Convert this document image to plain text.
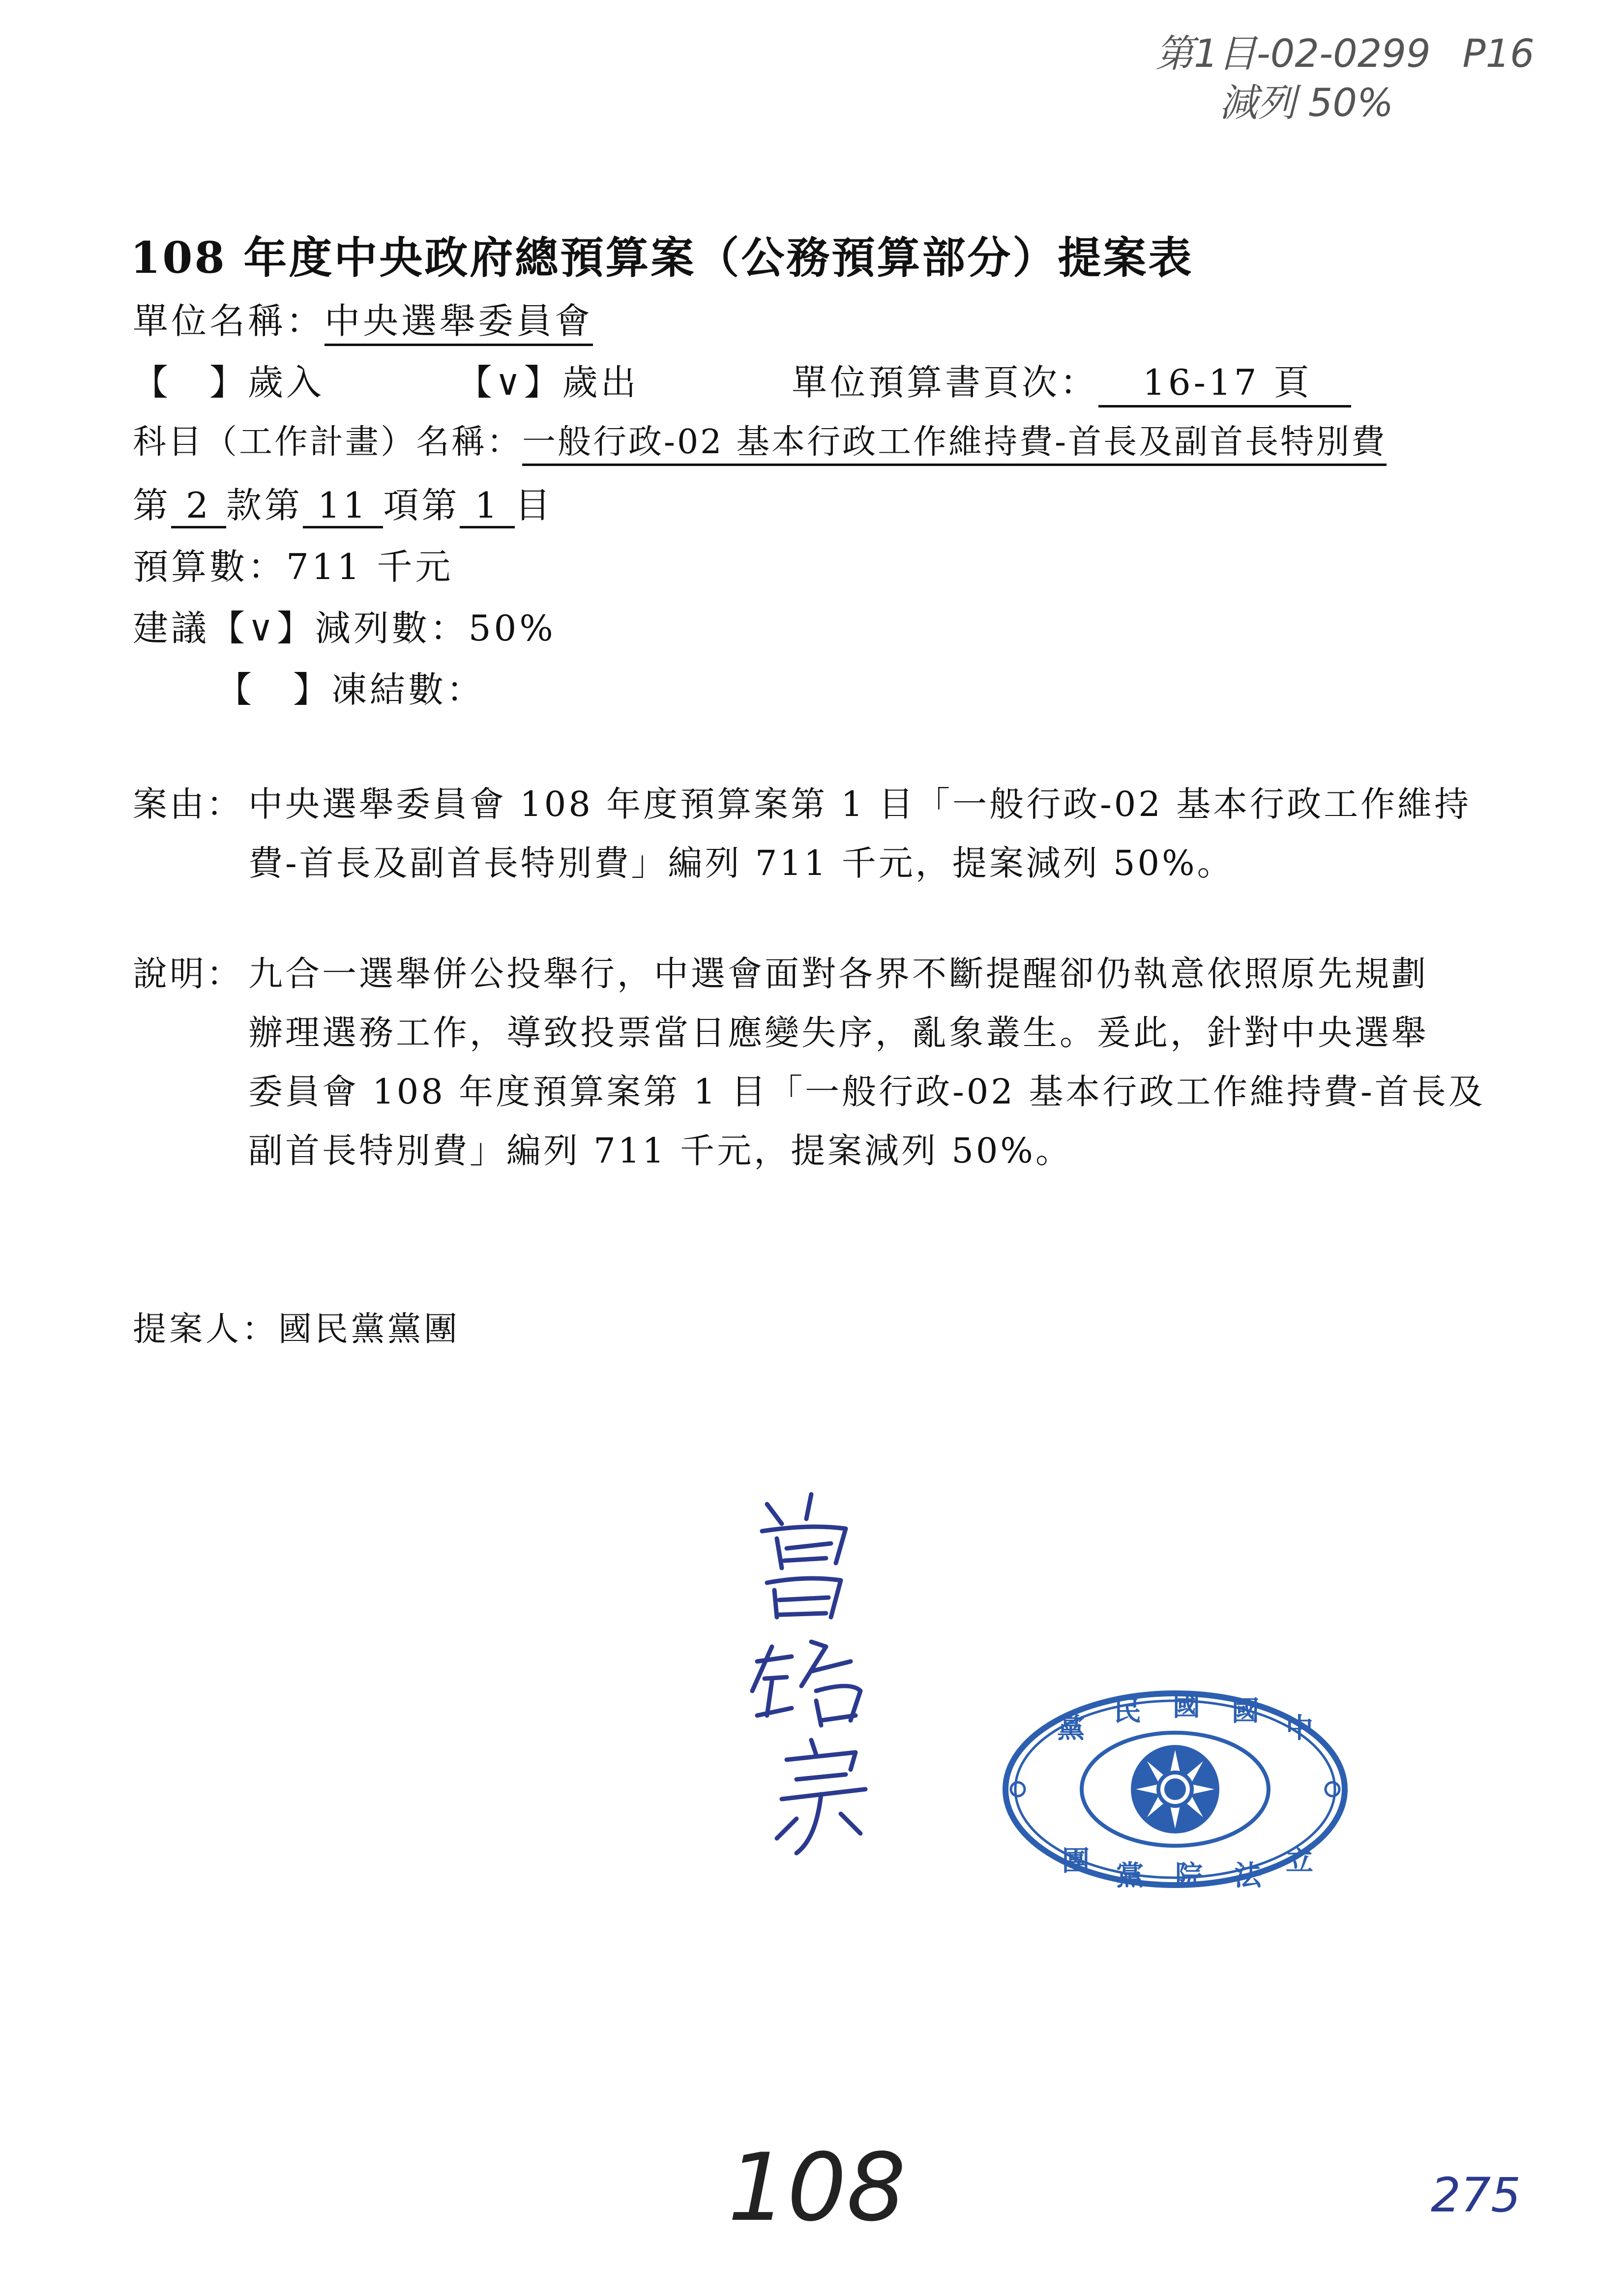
第1目-02-0299 P16
減列 50%
108 年度中央政府總預算案（公務預算部分）提案表
單位名稱：中央選舉委員會
【　】歲入	【∨】歲出	單位預算書頁次： 16-17 頁
科目（工作計畫）名稱：一般行政-02 基本行政工作維持費-首長及副首長特別費
第 2 款第 11 項第 1 目
預算數：711 千元
建議【∨】減列數：50%
【　】凍結數：
案由： 中央選舉委員會 108 年度預算案第 1 目「一般行政-02 基本行政工作維持
費-首長及副首長特別費」編列 711 千元，提案減列 50%。
說明： 九合一選舉併公投舉行，中選會面對各界不斷提醒卻仍執意依照原先規劃
辦理選務工作，導致投票當日應變失序，亂象叢生。爰此，針對中央選舉
委員會 108 年度預算案第 1 目「一般行政-02 基本行政工作維持費-首長及
副首長特別費」編列 711 千元，提案減列 50%。
提案人：國民黨黨團
黨
民 國 國
中
團 黨 院 法 立
108	275
